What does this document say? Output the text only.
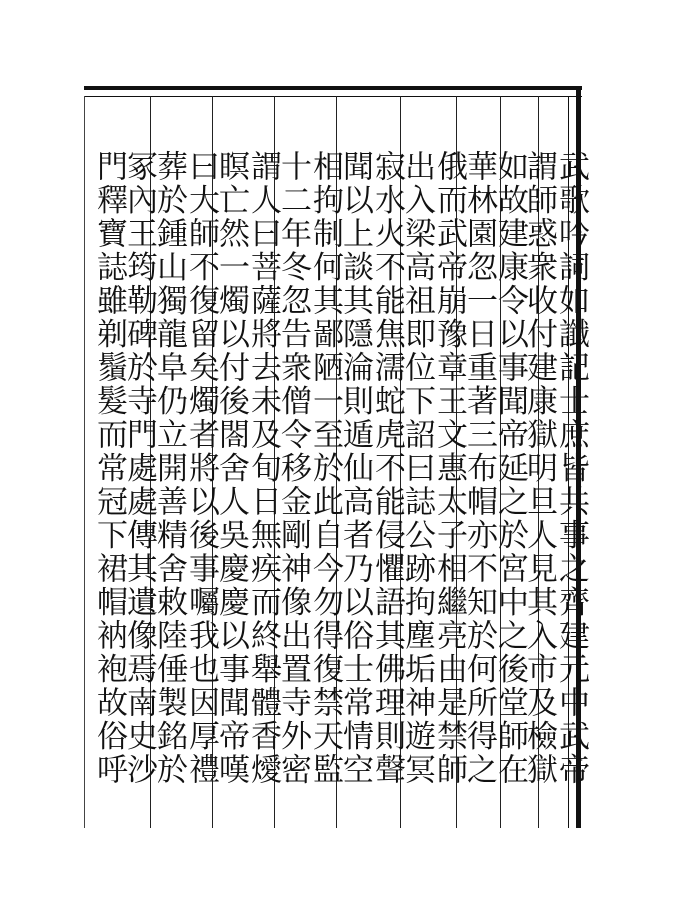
武歌吟詞如讖記士庶皆共事之齊建元中武帝
謂師惑衆收付建康獄明旦人見其入市及檢獄
如故建康令以事聞帝延之於宮中之後堂師在
華林園忽一日重著三布帽亦不知於何所得之
俄而武帝崩豫章王文惠太子相繼亮由是禁師
出入梁高祖即位下詔曰誌公跡拘塵垢神遊冥
寂水火不能焦濡蛇虎不能侵懼語其佛理則聲
聞以上談其隱淪則遁仙高者乃以俗士常情空
相拘制何其鄙陋一至於此自今勿得復禁天監
十二年冬忽告衆僧令移金剛神像出置寺外密
謂人曰菩薩將去未及旬日無疾而終舉體香燰
瞑亡然一燭以付後閤舍人吳慶慶以事聞帝嘆
曰大師不復留矣燭者將以後事囑我也因厚禮
葬於鍾山獨龍阜仍立開善精舍敕陸倕製銘於
冢內王筠勒碑於寺門處處傳其遺像焉南史沙
門釋寶誌雖剃鬚髮而常冠下裙帽衲袍故俗呼
